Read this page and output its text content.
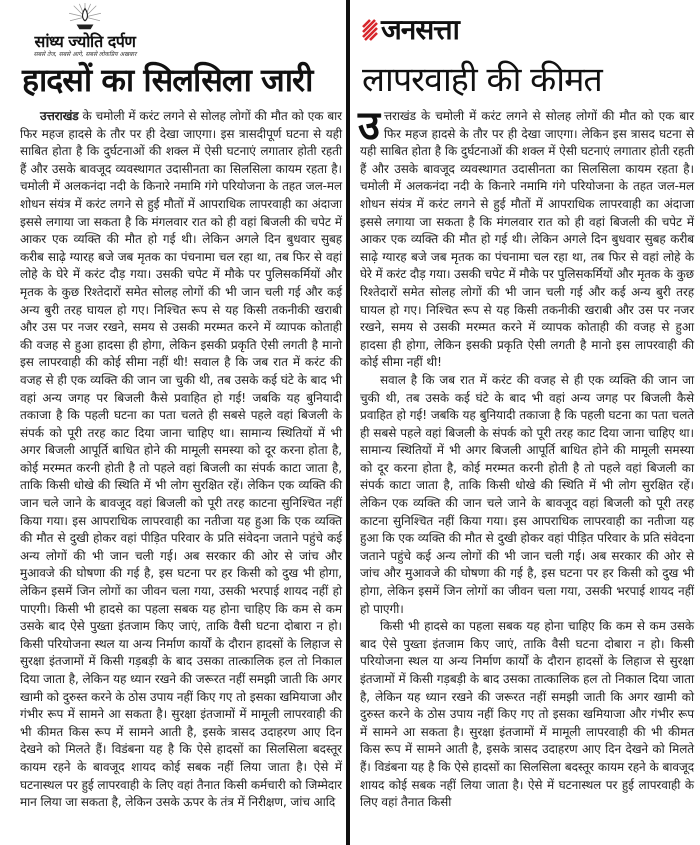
सांध्य ज्योति दर्पण
सबसे तेज, सबसे आगे, सबसे लोकप्रिय अखबार
हादसों का सिलसिला जारी

उत्तराखंड के चमोली में करंट लगने से सोलह लोगों की मौत को एक बार फिर महज हादसे के तौर पर ही देखा जाएगा। इस त्रासदीपूर्ण घटना से यही साबित होता है कि दुर्घटनाओं की शक्ल में ऐसी घटनाएं लगातार होती रहती हैं और उसके बावजूद व्यवस्थागत उदासीनता का सिलसिला कायम रहता है। चमोली में अलकनंदा नदी के किनारे नमामि गंगे परियोजना के तहत जल-मल शोधन संयंत्र में करंट लगने से हुई मौतों में आपराधिक लापरवाही का अंदाजा इससे लगाया जा सकता है कि मंगलवार रात को ही वहां बिजली की चपेट में आकर एक व्यक्ति की मौत हो गई थी। लेकिन अगले दिन बुधवार सुबह करीब साढ़े ग्यारह बजे जब मृतक का पंचनामा चल रहा था, तब फिर से वहां लोहे के घेरे में करंट दौड़ गया। उसकी चपेट में मौके पर पुलिसकर्मियों और मृतक के कुछ रिश्तेदारों समेत सोलह लोगों की भी जान चली गई और कई अन्य बुरी तरह घायल हो गए। निश्चित रूप से यह किसी तकनीकी खराबी और उस पर नजर रखने, समय से उसकी मरम्मत करने में व्यापक कोताही की वजह से हुआ हादसा ही होगा, लेकिन इसकी प्रकृति ऐसी लगती है मानो इस लापरवाही की कोई सीमा नहीं थी! सवाल है कि जब रात में करंट की वजह से ही एक व्यक्ति की जान जा चुकी थी, तब उसके कई घंटे के बाद भी वहां अन्य जगह पर बिजली कैसे प्रवाहित हो गई! जबकि यह बुनियादी तकाजा है कि पहली घटना का पता चलते ही सबसे पहले वहां बिजली के संपर्क को पूरी तरह काट दिया जाना चाहिए था। सामान्य स्थितियों में भी अगर बिजली आपूर्ति बाधित होने की मामूली समस्या को दूर करना होता है, कोई मरम्मत करनी होती है तो पहले वहां बिजली का संपर्क काटा जाता है, ताकि किसी धोखे की स्थिति में भी लोग सुरक्षित रहें। लेकिन एक व्यक्ति की जान चले जाने के बावजूद वहां बिजली को पूरी तरह काटना सुनिश्चित नहीं किया गया। इस आपराधिक लापरवाही का नतीजा यह हुआ कि एक व्यक्ति की मौत से दुखी होकर वहां पीड़ित परिवार के प्रति संवेदना जताने पहुंचे कई अन्य लोगों की भी जान चली गई। अब सरकार की ओर से जांच और मुआवजे की घोषणा की गई है, इस घटना पर हर किसी को दुख भी होगा, लेकिन इसमें जिन लोगों का जीवन चला गया, उसकी भरपाई शायद नहीं हो पाएगी। किसी भी हादसे का पहला सबक यह होना चाहिए कि कम से कम उसके बाद ऐसे पुख्ता इंतजाम किए जाएं, ताकि वैसी घटना दोबारा न हो। किसी परियोजना स्थल या अन्य निर्माण कार्यों के दौरान हादसों के लिहाज से सुरक्षा इंतजामों में किसी गड़बड़ी के बाद उसका तात्कालिक हल तो निकाल दिया जाता है, लेकिन यह ध्यान रखने की जरूरत नहीं समझी जाती कि अगर खामी को दुरुस्त करने के ठोस उपाय नहीं किए गए तो इसका खमियाजा और गंभीर रूप में सामने आ सकता है। सुरक्षा इंतजामों में मामूली लापरवाही की भी कीमत किस रूप में सामने आती है, इसके त्रासद उदाहरण आए दिन देखने को मिलते हैं। विडंबना यह है कि ऐसे हादसों का सिलसिला बदस्तूर कायम रहने के बावजूद शायद कोई सबक नहीं लिया जाता है। ऐसे में घटनास्थल पर हुई लापरवाही के लिए वहां तैनात किसी कर्मचारी को जिम्मेदार मान लिया जा सकता है, लेकिन उसके ऊपर के तंत्र में निरीक्षण, जांच आदि

जनसत्ता
लापरवाही की कीमत

उत्तराखंड के चमोली में करंट लगने से सोलह लोगों की मौत को एक बार फिर महज हादसे के तौर पर ही देखा जाएगा। लेकिन इस त्रासद घटना से यही साबित होता है कि दुर्घटनाओं की शक्ल में ऐसी घटनाएं लगातार होती रहती हैं और उसके बावजूद व्यवस्थागत उदासीनता का सिलसिला कायम रहता है। चमोली में अलकनंदा नदी के किनारे नमामि गंगे परियोजना के तहत जल-मल शोधन संयंत्र में करंट लगने से हुई मौतों में आपराधिक लापरवाही का अंदाजा इससे लगाया जा सकता है कि मंगलवार रात को ही वहां बिजली की चपेट में आकर एक व्यक्ति की मौत हो गई थी। लेकिन अगले दिन बुधवार सुबह करीब साढ़े ग्यारह बजे जब मृतक का पंचनामा चल रहा था, तब फिर से वहां लोहे के घेरे में करंट दौड़ गया। उसकी चपेट में मौके पर पुलिसकर्मियों और मृतक के कुछ रिश्तेदारों समेत सोलह लोगों की भी जान चली गई और कई अन्य बुरी तरह घायल हो गए। निश्चित रूप से यह किसी तकनीकी खराबी और उस पर नजर रखने, समय से उसकी मरम्मत करने में व्यापक कोताही की वजह से हुआ हादसा ही होगा, लेकिन इसकी प्रकृति ऐसी लगती है मानो इस लापरवाही की कोई सीमा नहीं थी!

सवाल है कि जब रात में करंट की वजह से ही एक व्यक्ति की जान जा चुकी थी, तब उसके कई घंटे के बाद भी वहां अन्य जगह पर बिजली कैसे प्रवाहित हो गई! जबकि यह बुनियादी तकाजा है कि पहली घटना का पता चलते ही सबसे पहले वहां बिजली के संपर्क को पूरी तरह काट दिया जाना चाहिए था। सामान्य स्थितियों में भी अगर बिजली आपूर्ति बाधित होने की मामूली समस्या को दूर करना होता है, कोई मरम्मत करनी होती है तो पहले वहां बिजली का संपर्क काटा जाता है, ताकि किसी धोखे की स्थिति में भी लोग सुरक्षित रहें। लेकिन एक व्यक्ति की जान चले जाने के बावजूद वहां बिजली को पूरी तरह काटना सुनिश्चित नहीं किया गया। इस आपराधिक लापरवाही का नतीजा यह हुआ कि एक व्यक्ति की मौत से दुखी होकर वहां पीड़ित परिवार के प्रति संवेदना जताने पहुंचे कई अन्य लोगों की भी जान चली गई। अब सरकार की ओर से जांच और मुआवजे की घोषणा की गई है, इस घटना पर हर किसी को दुख भी होगा, लेकिन इसमें जिन लोगों का जीवन चला गया, उसकी भरपाई शायद नहीं हो पाएगी।

किसी भी हादसे का पहला सबक यह होना चाहिए कि कम से कम उसके बाद ऐसे पुख्ता इंतजाम किए जाएं, ताकि वैसी घटना दोबारा न हो। किसी परियोजना स्थल या अन्य निर्माण कार्यों के दौरान हादसों के लिहाज से सुरक्षा इंतजामों में किसी गड़बड़ी के बाद उसका तात्कालिक हल तो निकाल दिया जाता है, लेकिन यह ध्यान रखने की जरूरत नहीं समझी जाती कि अगर खामी को दुरुस्त करने के ठोस उपाय नहीं किए गए तो इसका खमियाजा और गंभीर रूप में सामने आ सकता है। सुरक्षा इंतजामों में मामूली लापरवाही की भी कीमत किस रूप में सामने आती है, इसके त्रासद उदाहरण आए दिन देखने को मिलते हैं। विडंबना यह है कि ऐसे हादसों का सिलसिला बदस्तूर कायम रहने के बावजूद शायद कोई सबक नहीं लिया जाता है। ऐसे में घटनास्थल पर हुई लापरवाही के लिए वहां तैनात किसी
